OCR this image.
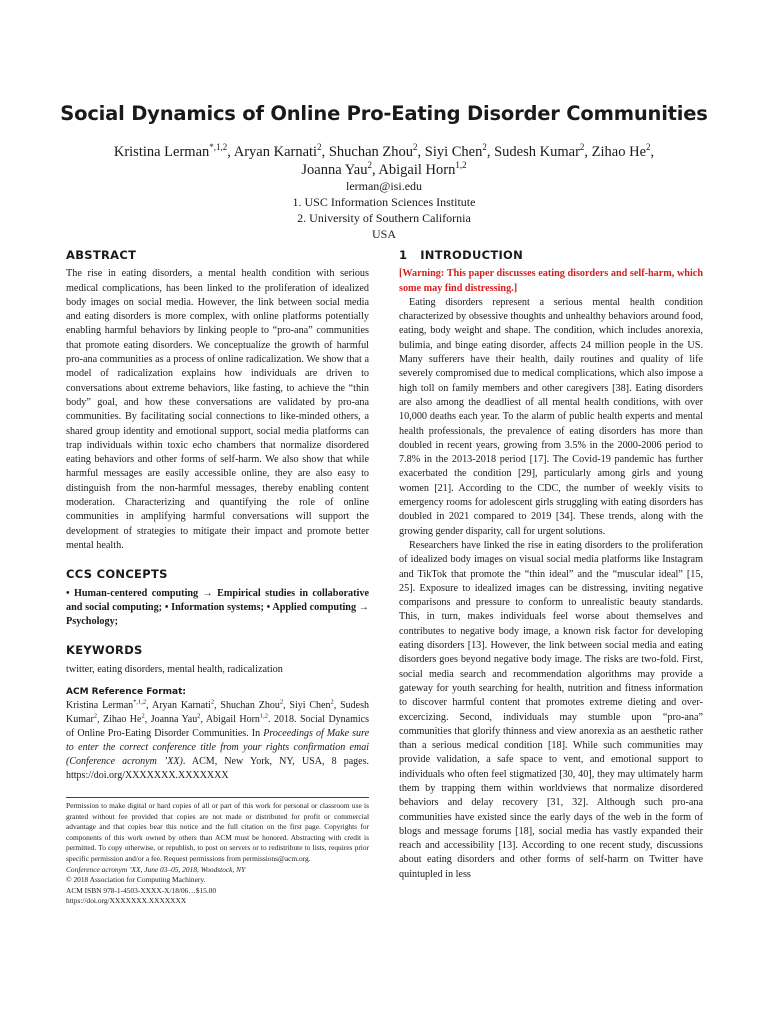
Social Dynamics of Online Pro-Eating Disorder Communities
Kristina Lerman$^{*,1,2}$, Aryan Karnati$^2$, Shuchan Zhou$^2$, Siyi Chen$^2$, Sudesh Kumar$^2$, Zihao He$^2$,
Joanna Yau$^2$, Abigail Horn$^{1,2}$
lerman@isi.edu
1. USC Information Sciences Institute
2. University of Southern California
USA
ABSTRACT

The rise in eating disorders, a mental health condition with serious medical complications, has been linked to the proliferation of idealized body images on social media. However, the link between social media and eating disorders is more complex, with online platforms potentially enabling harmful behaviors by linking people to “pro-ana” communities that promote eating disorders. We conceptualize the growth of harmful pro-ana communities as a process of online radicalization. We show that a model of radicalization explains how individuals are driven to conversations about extreme behaviors, like fasting, to achieve the “thin body” goal, and how these conversations are validated by pro-ana communities. By facilitating social connections to like-minded others, a shared group identity and emotional support, social media platforms can trap individuals within toxic echo chambers that normalize disordered eating behaviors and other forms of self-harm. We also show that while harmful messages are easily accessible online, they are also easy to distinguish from the non-harmful messages, thereby enabling content moderation. Characterizing and quantifying the role of online communities in amplifying harmful conversations will support the development of strategies to mitigate their impact and promote better mental health.

CCS CONCEPTS

• Human-centered computing → Empirical studies in collaborative and social computing; • Information systems; • Applied computing → Psychology;

KEYWORDS

twitter, eating disorders, mental health, radicalization

ACM Reference Format:

Kristina Lerman$^{*,1,2}$, Aryan Karnati$^2$, Shuchan Zhou$^2$, Siyi Chen$^2$, Sudesh Kumar$^2$, Zihao He$^2$, Joanna Yau$^2$, Abigail Horn$^{1,2}$. 2018. Social Dynamics of Online Pro-Eating Disorder Communities. In Proceedings of Make sure to enter the correct conference title from your rights confirmation emai (Conference acronym ’XX). ACM, New York, NY, USA, 8 pages. https://doi.org/XXXXXXX.XXXXXXX

Permission to make digital or hard copies of all or part of this work for personal or classroom use is granted without fee provided that copies are not made or distributed for profit or commercial advantage and that copies bear this notice and the full citation on the first page. Copyrights for components of this work owned by others than ACM must be honored. Abstracting with credit is permitted. To copy otherwise, or republish, to post on servers or to redistribute to lists, requires prior specific permission and/or a fee. Request permissions from permissions@acm.org.

Conference acronym ’XX, June 03–05, 2018, Woodstock, NY

© 2018 Association for Computing Machinery.

ACM ISBN 978-1-4503-XXXX-X/18/06…$15.00

https://doi.org/XXXXXXX.XXXXXXX

1   INTRODUCTION

[Warning: This paper discusses eating disorders and self-harm, which some may find distressing.]

Eating disorders represent a serious mental health condition characterized by obsessive thoughts and unhealthy behaviors around food, eating, body weight and shape. The condition, which includes anorexia, bulimia, and binge eating disorder, affects 24 million people in the US. Many sufferers have their health, daily routines and quality of life severely compromised due to medical complications, which also impose a high toll on family members and other caregivers [38]. Eating disorders are also among the deadliest of all mental health conditions, with over 10,000 deaths each year. To the alarm of public health experts and mental health professionals, the prevalence of eating disorders has more than doubled in recent years, growing from 3.5% in the 2000-2006 period to 7.8% in the 2013-2018 period [17]. The Covid-19 pandemic has further exacerbated the condition [29], particularly among girls and young women [21]. According to the CDC, the number of weekly visits to emergency rooms for adolescent girls struggling with eating disorders has doubled in 2021 compared to 2019 [34]. These trends, along with the growing gender disparity, call for urgent solutions.

Researchers have linked the rise in eating disorders to the proliferation of idealized body images on visual social media platforms like Instagram and TikTok that promote the “thin ideal” and the “muscular ideal” [15, 25]. Exposure to idealized images can be distressing, inviting negative comparisons and pressure to conform to unrealistic beauty standards. This, in turn, makes individuals feel worse about themselves and contributes to negative body image, a known risk factor for developing eating disorders [13]. However, the link between social media and eating disorders goes beyond negative body image. The risks are two-fold. First, social media search and recommendation algorithms may provide a gateway for youth searching for health, nutrition and fitness information to discover harmful content that promotes extreme dieting and over-excercizing. Second, individuals may stumble upon “pro-ana” communities that glorify thinness and view anorexia as an aesthetic rather than a serious medical condition [18]. While such communities may provide validation, a safe space to vent, and emotional support to individuals who often feel stigmatized [30, 40], they may ultimately harm them by trapping them within worldviews that normalize disordered behaviors and delay recovery [31, 32]. Although such pro-ana communities have existed since the early days of the web in the form of blogs and message forums [18], social media has vastly expanded their reach and accessibility [13]. According to one recent study, discussions about eating disorders and other forms of self-harm on Twitter have quintupled in less
